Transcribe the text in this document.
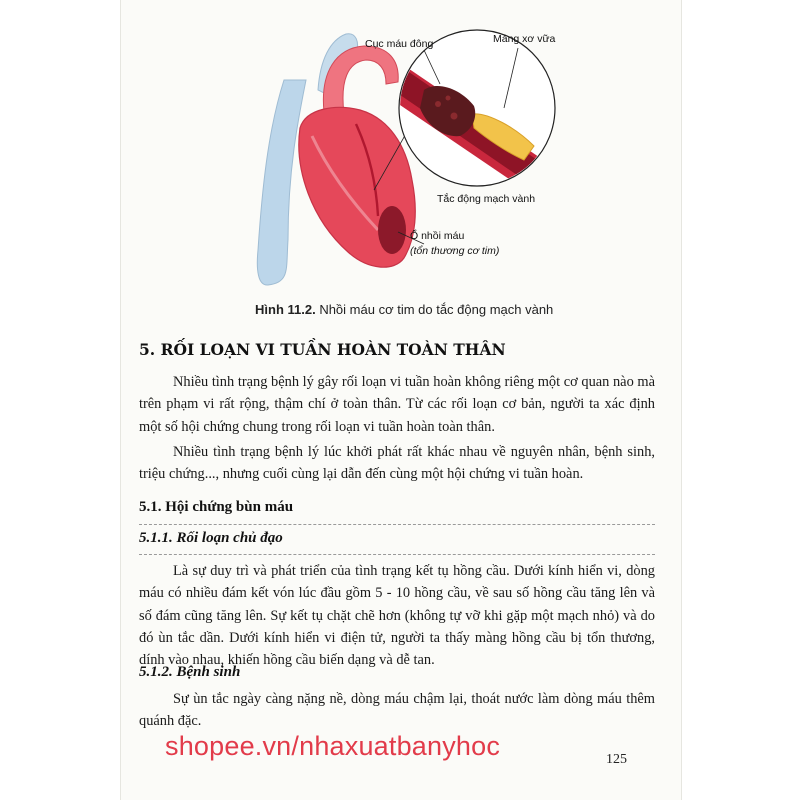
Cục máu đông	Mảng xơ vữa
Tắc động mạch vành
Ổ nhồi máu
(tổn thương cơ tim)
Hình 11.2. Nhồi máu cơ tim do tắc động mạch vành
5. RỐI LOẠN VI TUẦN HOÀN TOÀN THÂN

Nhiều tình trạng bệnh lý gây rối loạn vi tuần hoàn không riêng một cơ quan nào mà trên phạm vi rất rộng, thậm chí ở toàn thân. Từ các rối loạn cơ bản, người ta xác định một số hội chứng chung trong rối loạn vi tuần hoàn toàn thân.

Nhiều tình trạng bệnh lý lúc khởi phát rất khác nhau về nguyên nhân, bệnh sinh, triệu chứng..., nhưng cuối cùng lại dẫn đến cùng một hội chứng vi tuần hoàn.

5.1. Hội chứng bùn máu
5.1.1. Rối loạn chủ đạo

Là sự duy trì và phát triển của tình trạng kết tụ hồng cầu. Dưới kính hiển vi, dòng máu có nhiều đám kết vón lúc đầu gồm 5 - 10 hồng cầu, về sau số hồng cầu tăng lên và số đám cũng tăng lên. Sự kết tụ chặt chẽ hơn (không tự vỡ khi gặp một mạch nhỏ) và do đó ùn tắc dần. Dưới kính hiển vi điện tử, người ta thấy màng hồng cầu bị tổn thương, dính vào nhau, khiến hồng cầu biến dạng và dễ tan.

5.1.2. Bệnh sinh

Sự ùn tắc ngày càng nặng nề, dòng máu chậm lại, thoát nước làm dòng máu thêm quánh đặc.

shopee.vn/nhaxuatbanyhoc	125
